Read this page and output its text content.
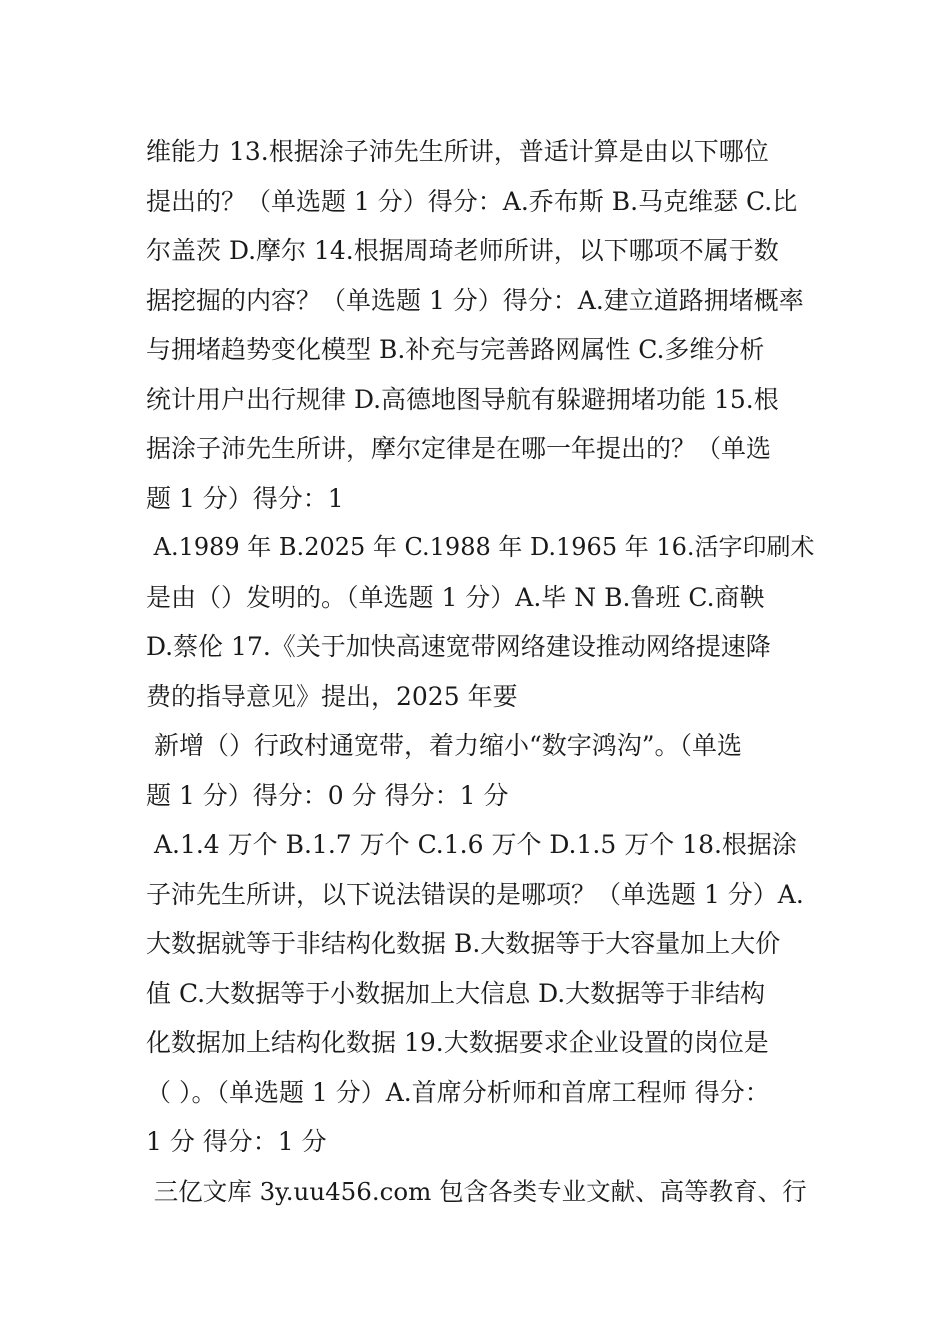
维能力 13.根据涂子沛先生所讲，普适计算是由以下哪位
提出的？（单选题 1 分）得分：A.乔布斯 B.马克维瑟 C.比
尔盖茨 D.摩尔 14.根据周琦老师所讲，以下哪项不属于数
据挖掘的内容？（单选题 1 分）得分：A.建立道路拥堵概率
与拥堵趋势变化模型 B.补充与完善路网属性 C.多维分析
统计用户出行规律 D.高德地图导航有躲避拥堵功能 15.根
据涂子沛先生所讲，摩尔定律是在哪一年提出的？（单选
题 1 分）得分：1
A.1989 年 B.2025 年 C.1988 年 D.1965 年 16.活字印刷术
是由（）发明的。（单选题 1 分）A.毕 N B.鲁班 C.商鞅
D.蔡伦 17.《关于加快高速宽带网络建设推动网络提速降
费的指导意见》提出，2025 年要
新增（）行政村通宽带，着力缩小“数字鸿沟”。（单选
题 1 分）得分：0 分 得分：1 分
A.1.4 万个 B.1.7 万个 C.1.6 万个 D.1.5 万个 18.根据涂
子沛先生所讲，以下说法错误的是哪项？（单选题 1 分）A.
大数据就等于非结构化数据 B.大数据等于大容量加上大价
值 C.大数据等于小数据加上大信息 D.大数据等于非结构
化数据加上结构化数据 19.大数据要求企业设置的岗位是
（ ）。（单选题 1 分）A.首席分析师和首席工程师 得分：
1 分 得分：1 分
三亿文库 3y.uu456.com 包含各类专业文献、高等教育、行
